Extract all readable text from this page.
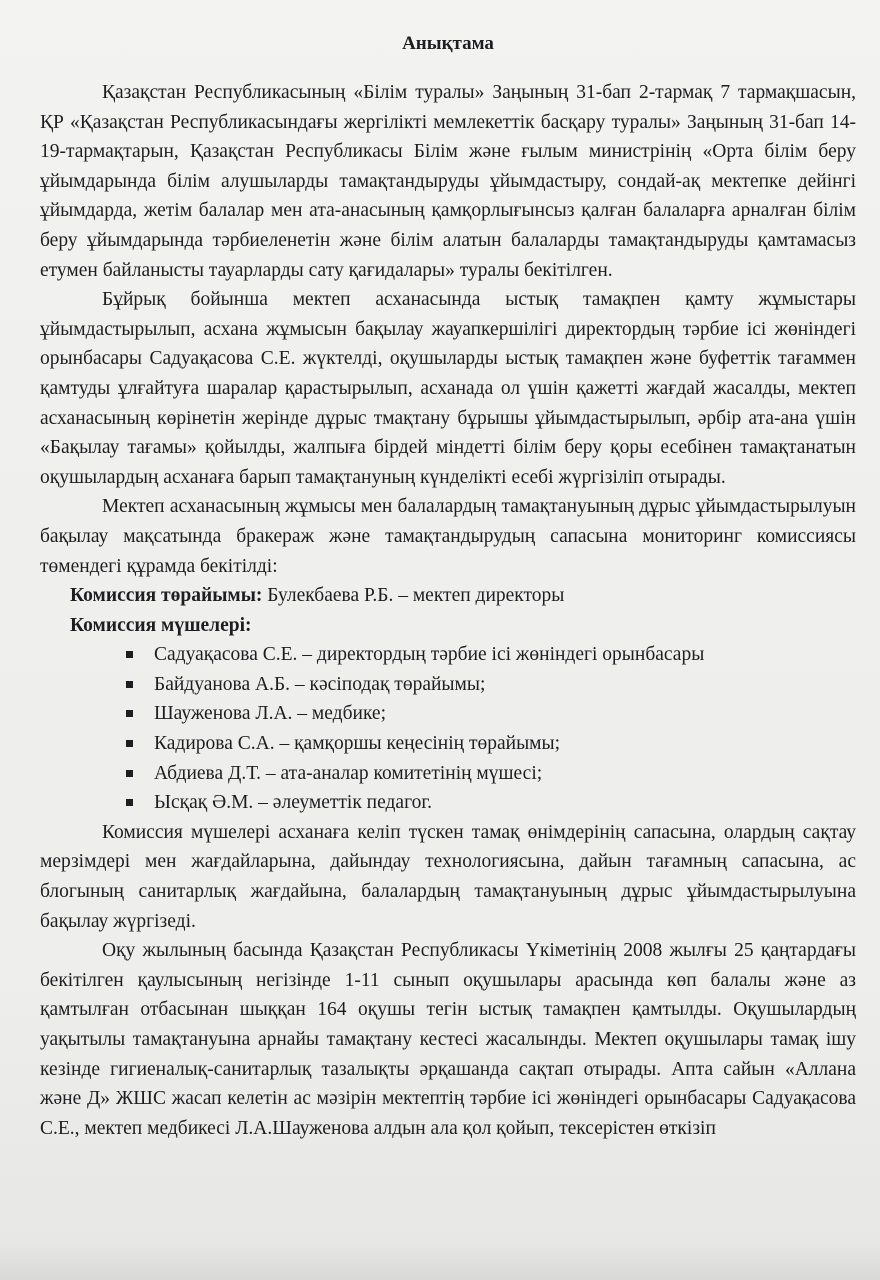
Анықтама

Қазақстан Республикасының «Білім туралы» Заңының 31-бап 2-тармақ 7 тармақшасын, ҚР «Қазақстан Республикасындағы жергілікті мемлекеттік басқару туралы» Заңының 31-бап 14-19-тармақтарын, Қазақстан Республикасы Білім және ғылым министрінің «Орта білім беру ұйымдарында білім алушыларды тамақтандыруды ұйымдастыру, сондай-ақ мектепке дейінгі ұйымдарда, жетім балалар мен ата-анасының қамқорлығынсыз қалған балаларға арналған білім беру ұйымдарында тәрбиеленетін және білім алатын балаларды тамақтандыруды қамтамасыз етумен байланысты тауарларды сату қағидалары» туралы бекітілген.

Бұйрық бойынша мектеп асханасында ыстық тамақпен қамту жұмыстары ұйымдастырылып, асхана жұмысын бақылау жауапкершілігі директордың тәрбие ісі жөніндегі орынбасары Садуақасова С.Е. жүктелді, оқушыларды ыстық тамақпен және буфеттік тағаммен қамтуды ұлғайтуға шаралар қарастырылып, асханада ол үшін қажетті жағдай жасалды, мектеп асханасының көрінетін жерінде дұрыс тмақтану бұрышы ұйымдастырылып, әрбір ата-ана үшін «Бақылау тағамы» қойылды, жалпыға бірдей міндетті білім беру қоры есебінен тамақтанатын оқушылардың асханаға барып тамақтануның күнделікті есебі жүргізіліп отырады.

Мектеп асханасының жұмысы мен балалардың тамақтануының дұрыс ұйымдастырылуын бақылау мақсатында бракераж және тамақтандырудың сапасына мониторинг комиссиясы төмендегі құрамда бекітілді:

Комиссия төрайымы: Булекбаева Р.Б. – мектеп директоры
Комиссия мүшелері:
Садуақасова С.Е. – директордың тәрбие ісі жөніндегі орынбасары
Байдуанова А.Б. – кәсіподақ төрайымы;
Шауженова Л.А. – медбике;
Кадирова С.А. – қамқоршы кеңесінің төрайымы;
Абдиева Д.Т. – ата-аналар комитетінің мүшесі;
Ысқақ Ә.М. – әлеуметтік педагог.

Комиссия мүшелері асханаға келіп түскен тамақ өнімдерінің сапасына, олардың сақтау мерзімдері мен жағдайларына, дайындау технологиясына, дайын тағамның сапасына, ас блогының санитарлық жағдайына, балалардың тамақтануының дұрыс ұйымдастырылуына бақылау жүргізеді.

Оқу жылының басында Қазақстан Республикасы Үкіметінің 2008 жылғы 25 қаңтардағы бекітілген қаулысының негізінде 1-11 сынып оқушылары арасында көп балалы және аз қамтылған отбасынан шыққан 164 оқушы тегін ыстық тамақпен қамтылды. Оқушылардың уақытылы тамақтануына арнайы тамақтану кестесі жасалынды. Мектеп оқушылары тамақ ішу кезінде гигиеналық-санитарлық тазалықты әрқашанда сақтап отырады. Апта сайын «Аллана және Д» ЖШС жасап келетін ас мәзірін мектептің тәрбие ісі жөніндегі орынбасары Садуақасова С.Е., мектеп медбикесі Л.А.Шауженова алдын ала қол қойып, тексерістен өткізіп
